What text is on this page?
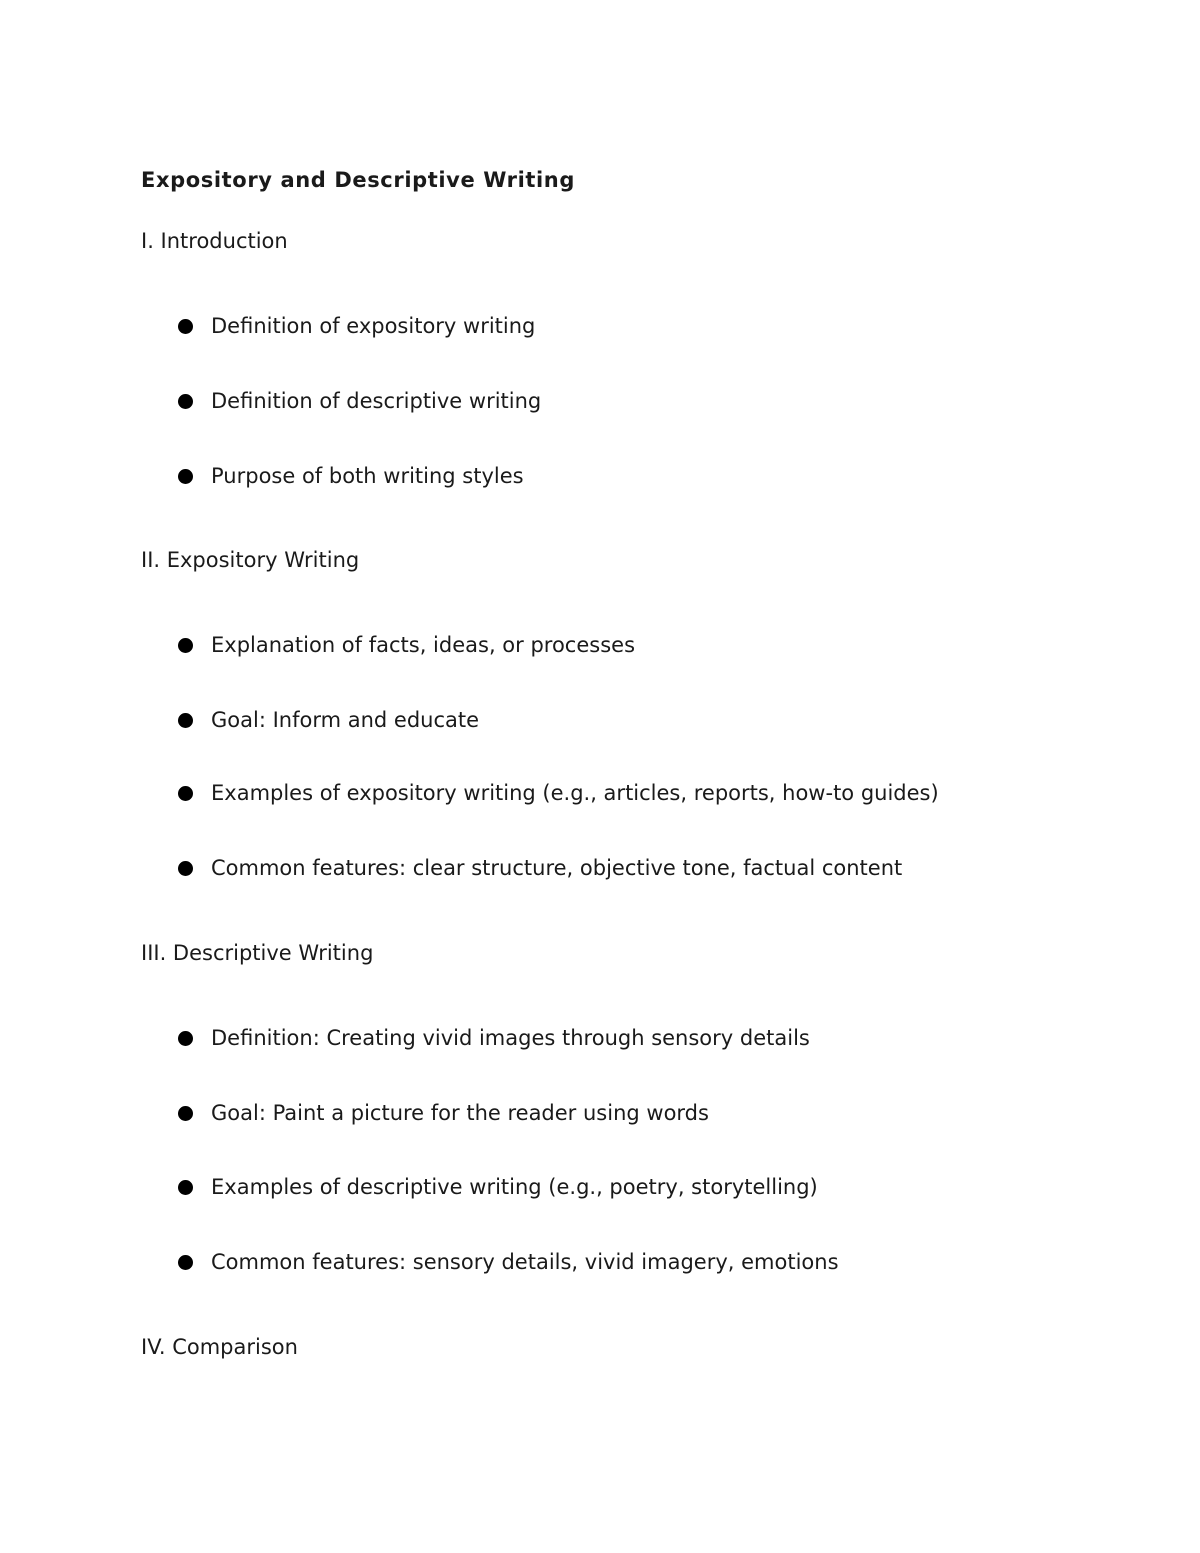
Expository and Descriptive Writing
I. Introduction
Definition of expository writing
Definition of descriptive writing
Purpose of both writing styles
II. Expository Writing
Explanation of facts, ideas, or processes
Goal: Inform and educate
Examples of expository writing (e.g., articles, reports, how-to guides)
Common features: clear structure, objective tone, factual content
III. Descriptive Writing
Definition: Creating vivid images through sensory details
Goal: Paint a picture for the reader using words
Examples of descriptive writing (e.g., poetry, storytelling)
Common features: sensory details, vivid imagery, emotions
IV. Comparison
